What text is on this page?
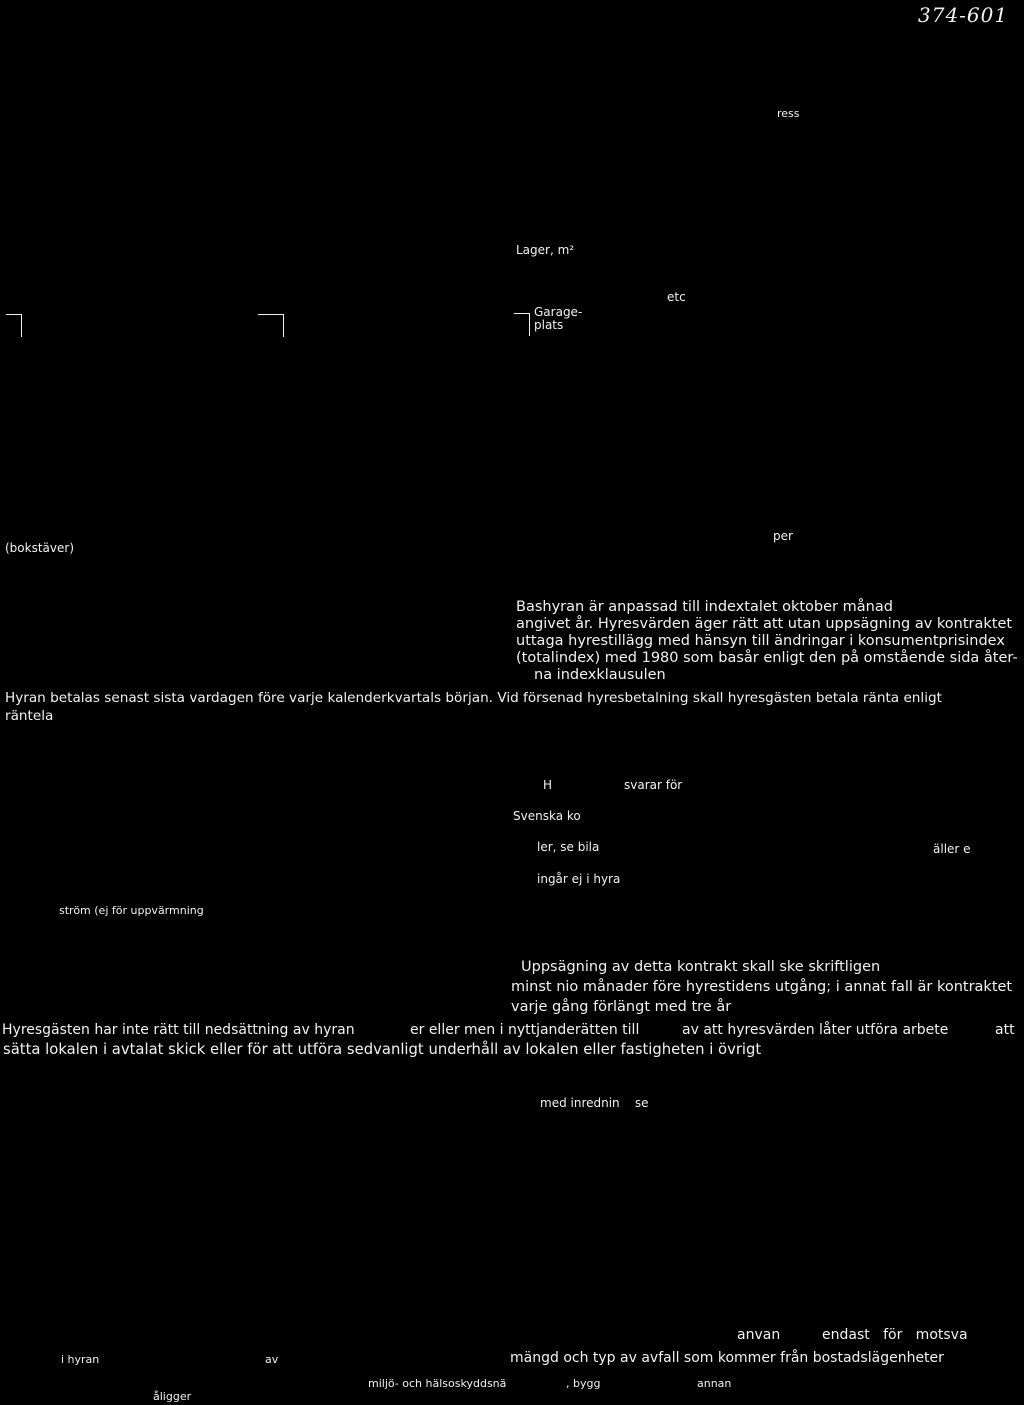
374-601
ress
Lager, m²
etc
Garage-
plats
(bokstäver)
per
Bashyran är anpassad till indextalet oktober månad
angivet år. Hyresvärden äger rätt att utan uppsägning av kontraktet
uttaga hyrestillägg med hänsyn till ändringar i konsumentprisindex
(totalindex) med 1980 som basår enligt den på omstående sida åter-
na indexklausulen
Hyran betalas senast sista vardagen före varje kalenderkvartals början. Vid försenad hyresbetalning skall hyresgästen betala ränta enligt
räntela
H	svarar för
Svenska ko
ler, se bila	äller e
ingår ej i hyra
ström (ej för uppvärmning
Uppsägning av detta kontrakt skall ske skriftligen
minst nio månader före hyrestidens utgång; i annat fall är kontraktet
varje gång förlängt med tre år
Hyresgästen har inte rätt till nedsättning av hyran	er eller men i nyttjanderätten till	av att hyresvärden låter utföra arbete	att
sätta lokalen i avtalat skick eller för att utföra sedvanligt underhåll av lokalen eller fastigheten i övrigt
med inrednin    se
anvan	endast   för   motsva
i hyran	av	mängd och typ av avfall som kommer från bostadslägenheter
åligger
miljö- och hälsoskyddsnä	, bygg	annan
